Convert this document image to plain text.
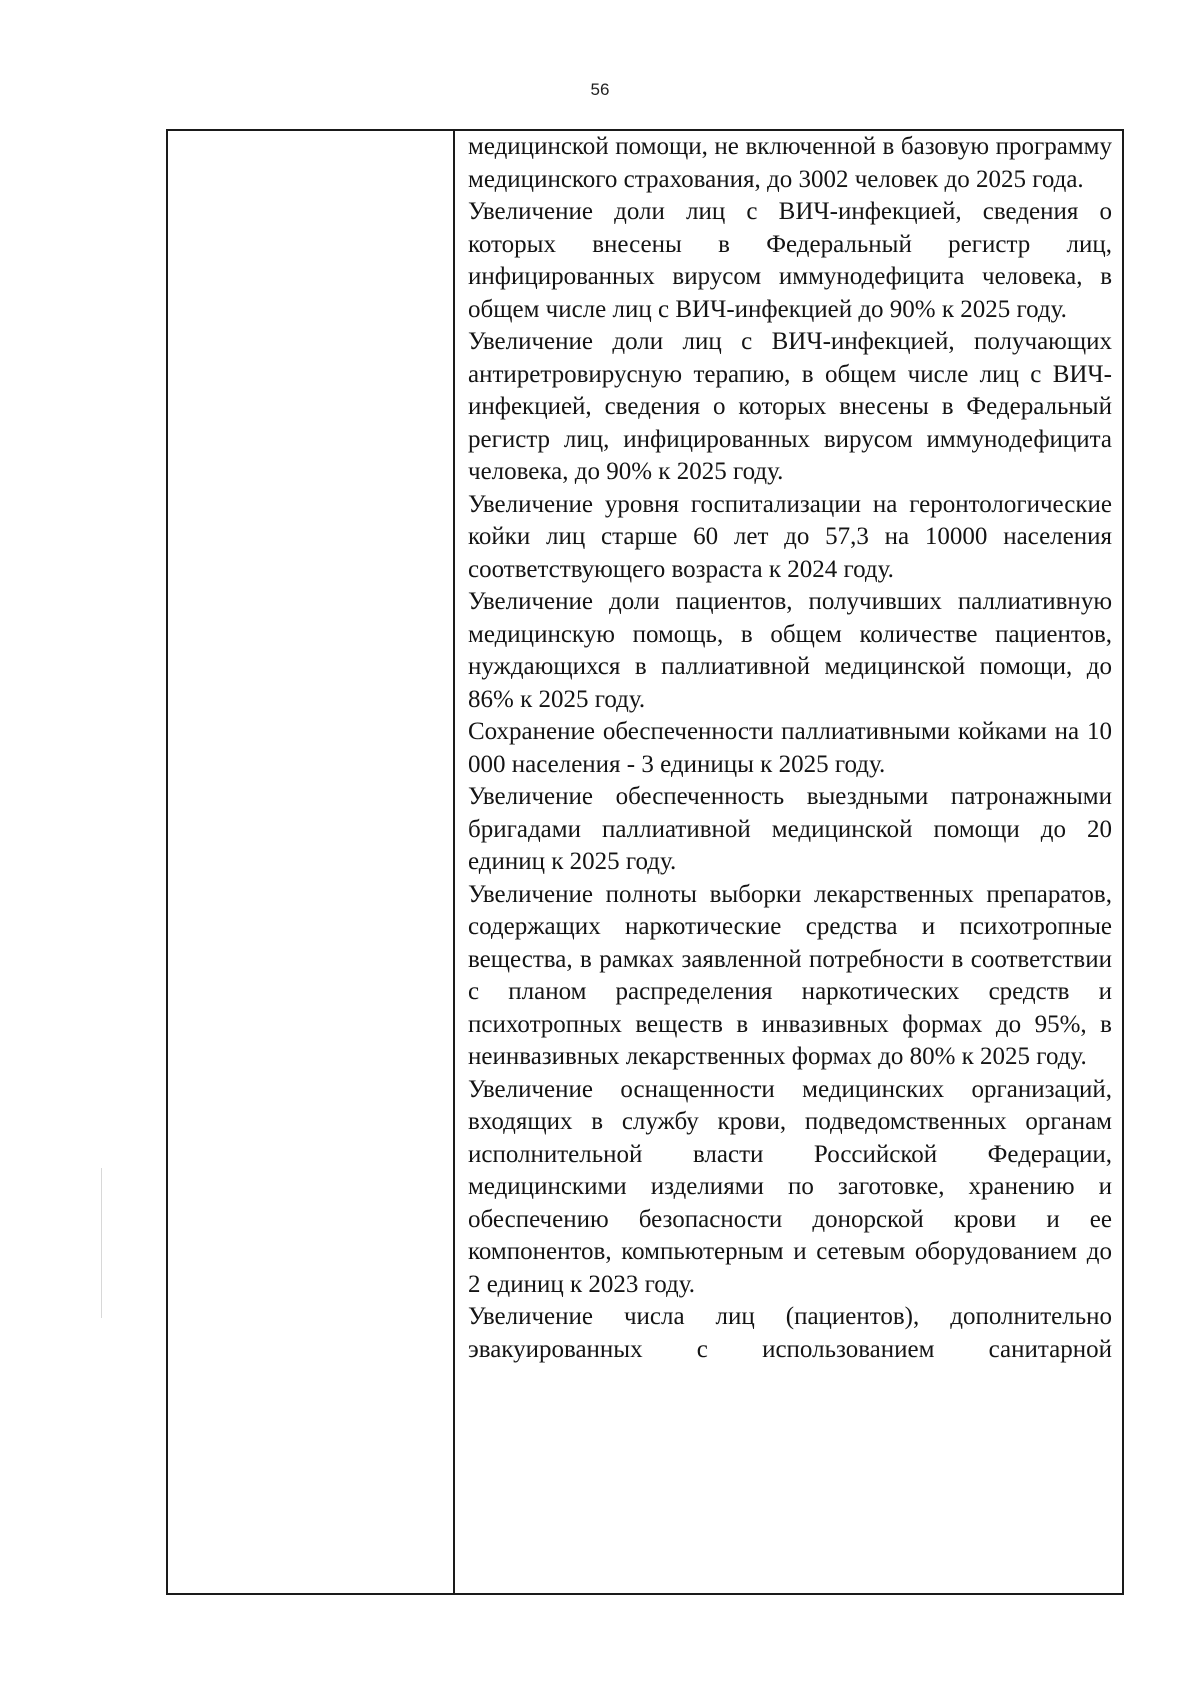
56

медицинской помощи, не включенной в базовую программу медицинского страхования, до 3002 человек до 2025 года.

Увеличение доли лиц с ВИЧ-инфекцией, сведения о которых внесены в Федеральный регистр лиц, инфицированных вирусом иммунодефицита человека, в общем числе лиц с ВИЧ-инфекцией до 90% к 2025 году.

Увеличение доли лиц с ВИЧ-инфекцией, получающих антиретровирусную терапию, в общем числе лиц с ВИЧ-инфекцией, сведения о которых внесены в Федеральный регистр лиц, инфицированных вирусом иммунодефицита человека, до 90% к 2025 году.

Увеличение уровня госпитализации на геронтологические койки лиц старше 60 лет до 57,3 на 10000 населения соответствующего возраста к 2024 году.

Увеличение доли пациентов, получивших паллиативную медицинскую помощь, в общем количестве пациентов, нуждающихся в паллиативной медицинской помощи, до 86% к 2025 году.

Сохранение обеспеченности паллиативными койками на 10 000 населения - 3 единицы к 2025 году.

Увеличение обеспеченность выездными патронажными бригадами паллиативной медицинской помощи до 20 единиц к 2025 году.

Увеличение полноты выборки лекарственных препаратов, содержащих наркотические средства и психотропные вещества, в рамках заявленной потребности в соответствии с планом распределения наркотических средств и психотропных веществ в инвазивных формах до 95%, в неинвазивных лекарственных формах до 80% к 2025 году.

Увеличение оснащенности медицинских организаций, входящих в службу крови, подведомственных органам исполнительной власти Российской Федерации, медицинскими изделиями по заготовке, хранению и обеспечению безопасности донорской крови и ее компонентов, компьютерным и сетевым оборудованием до 2 единиц к 2023 году.

Увеличение числа лиц (пациентов), дополнительно эвакуированных с использованием санитарной
